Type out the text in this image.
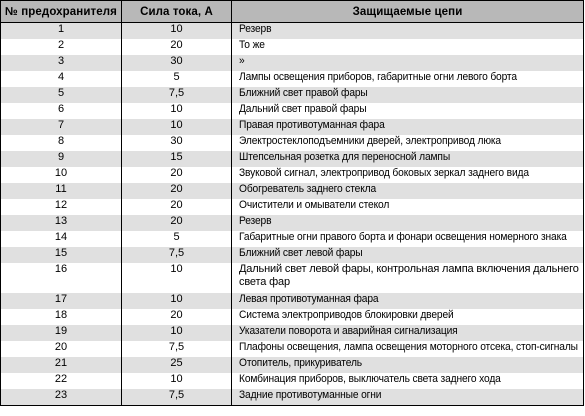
№ предохранителя	Сила тока, А	Защищаемые цепи
1	10	Резерв
2	20	То же
3	30	»
4	5	Лампы освещения приборов, габаритные огни левого борта
5	7,5	Ближний свет правой фары
6	10	Дальний свет правой фары
7	10	Правая противотуманная фара
8	30	Электростеклоподъемники дверей, электропривод люка
9	15	Штепсельная розетка для переносной лампы
10	20	Звуковой сигнал, электропривод боковых зеркал заднего вида
11	20	Обогреватель заднего стекла
12	20	Очистители и омыватели стекол
13	20	Резерв
14	5	Габаритные огни правого борта и фонари освещения номерного знака
15	7,5	Ближний свет левой фары
16	10	Дальний свет левой фары, контрольная лампа включения дальнего света фар
17	10	Левая противотуманная фара
18	20	Система электроприводов блокировки дверей
19	10	Указатели поворота и аварийная сигнализация
20	7,5	Плафоны освещения, лампа освещения моторного отсека, стоп-сигналы
21	25	Отопитель, прикуриватель
22	10	Комбинация приборов, выключатель света заднего хода
23	7,5	Задние противотуманные огни
